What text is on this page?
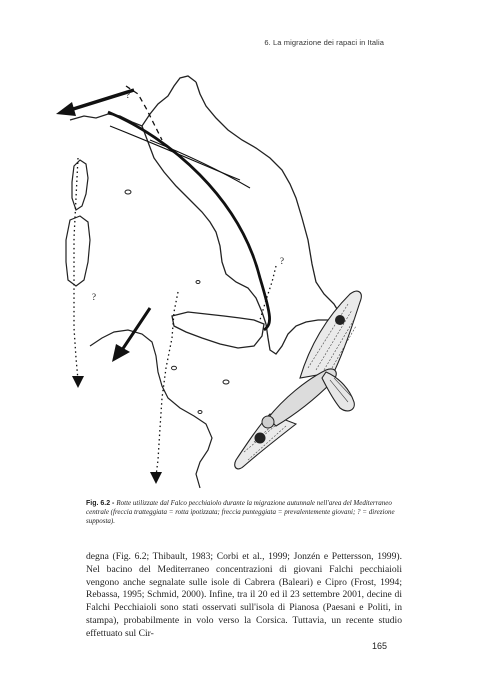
6. La migrazione dei rapaci in Italia
?
?
?
Fig. 6.2 - Rotte utilizzate dal Falco pecchiaiolo durante la migrazione autunnale nell'area del Mediterraneo centrale (freccia tratteggiata = rotta ipotizzata; freccia punteggiata = prevalentemente giovani; ? = direzione supposta).

degna (Fig. 6.2; Thibault, 1983; Corbi et al., 1999; Jonzén e Pettersson, 1999). Nel bacino del Mediterraneo concentrazioni di giovani Falchi pecchiaioli vengono anche segnalate sulle isole di Cabrera (Baleari) e Cipro (Frost, 1994; Rebassa, 1995; Schmid, 2000). Infine, tra il 20 ed il 23 settembre 2001, decine di Falchi Pecchiaioli sono stati osservati sull'isola di Pianosa (Paesani e Politi, in stampa), probabilmente in volo verso la Corsica. Tuttavia, un recente studio effettuato sul Cir-

165
